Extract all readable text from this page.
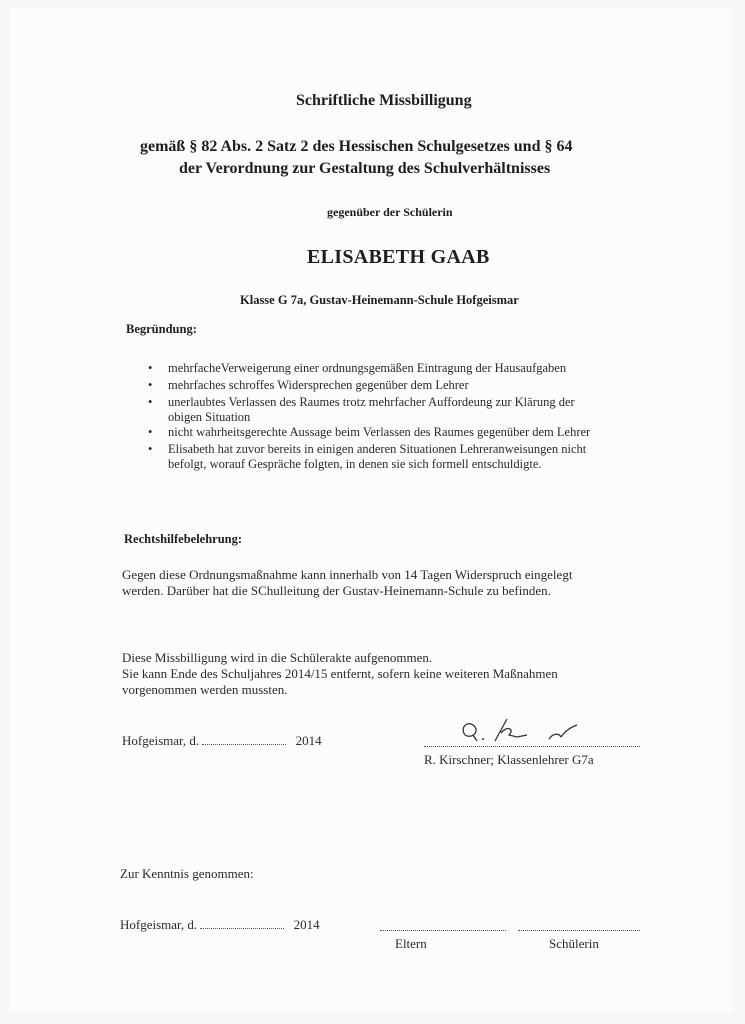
Schriftliche Missbilligung
gemäß § 82 Abs. 2 Satz 2 des Hessischen Schulgesetzes und § 64
der Verordnung zur Gestaltung des Schulverhältnisses
gegenüber der Schülerin
ELISABETH GAAB
Klasse G 7a, Gustav-Heinemann-Schule Hofgeismar
Begründung:
• mehrfacheVerweigerung einer ordnungsgemäßen Eintragung der Hausaufgaben
• mehrfaches schroffes Widersprechen gegenüber dem Lehrer
• unerlaubtes Verlassen des Raumes trotz mehrfacher Auffordeung zur Klärung der
obigen Situation
• nicht wahrheitsgerechte Aussage beim Verlassen des Raumes gegenüber dem Lehrer
• Elisabeth hat zuvor bereits in einigen anderen Situationen Lehreranweisungen nicht
befolgt, worauf Gespräche folgten, in denen sie sich formell entschuldigte.
Rechtshilfebelehrung:
Gegen diese Ordnungsmaßnahme kann innerhalb von 14 Tagen Widerspruch eingelegt
werden. Darüber hat die SChulleitung der Gustav-Heinemann-Schule zu befinden.
Diese Missbilligung wird in die Schülerakte aufgenommen.
Sie kann Ende des Schuljahres 2014/15 entfernt, sofern keine weiteren Maßnahmen
vorgenommen werden mussten.
Hofgeismar, d.	2014
R. Kirschner; Klassenlehrer G7a
Zur Kenntnis genommen:
Hofgeismar, d.	2014
Eltern	Schülerin
